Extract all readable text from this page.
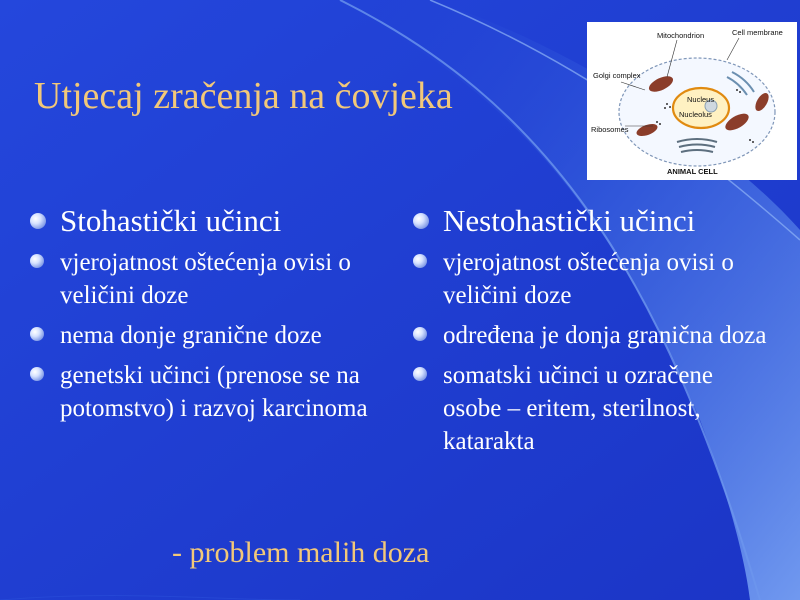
Utjecaj zračenja na čovjeka
Mitochondrion	Cell membrane
Golgi complex
Nucleus
Nucleolus
Ribosomes
ANIMAL CELL
Stohastički učinci
vjerojatnost oštećenja ovisi o veličini doze
nema donje granične doze
genetski učinci (prenose se na potomstvo) i razvoj karcinoma
Nestohastički učinci
vjerojatnost oštećenja ovisi o veličini doze
određena je donja granična doza
somatski učinci u ozračene osobe – eritem, sterilnost, katarakta

- problem malih doza
